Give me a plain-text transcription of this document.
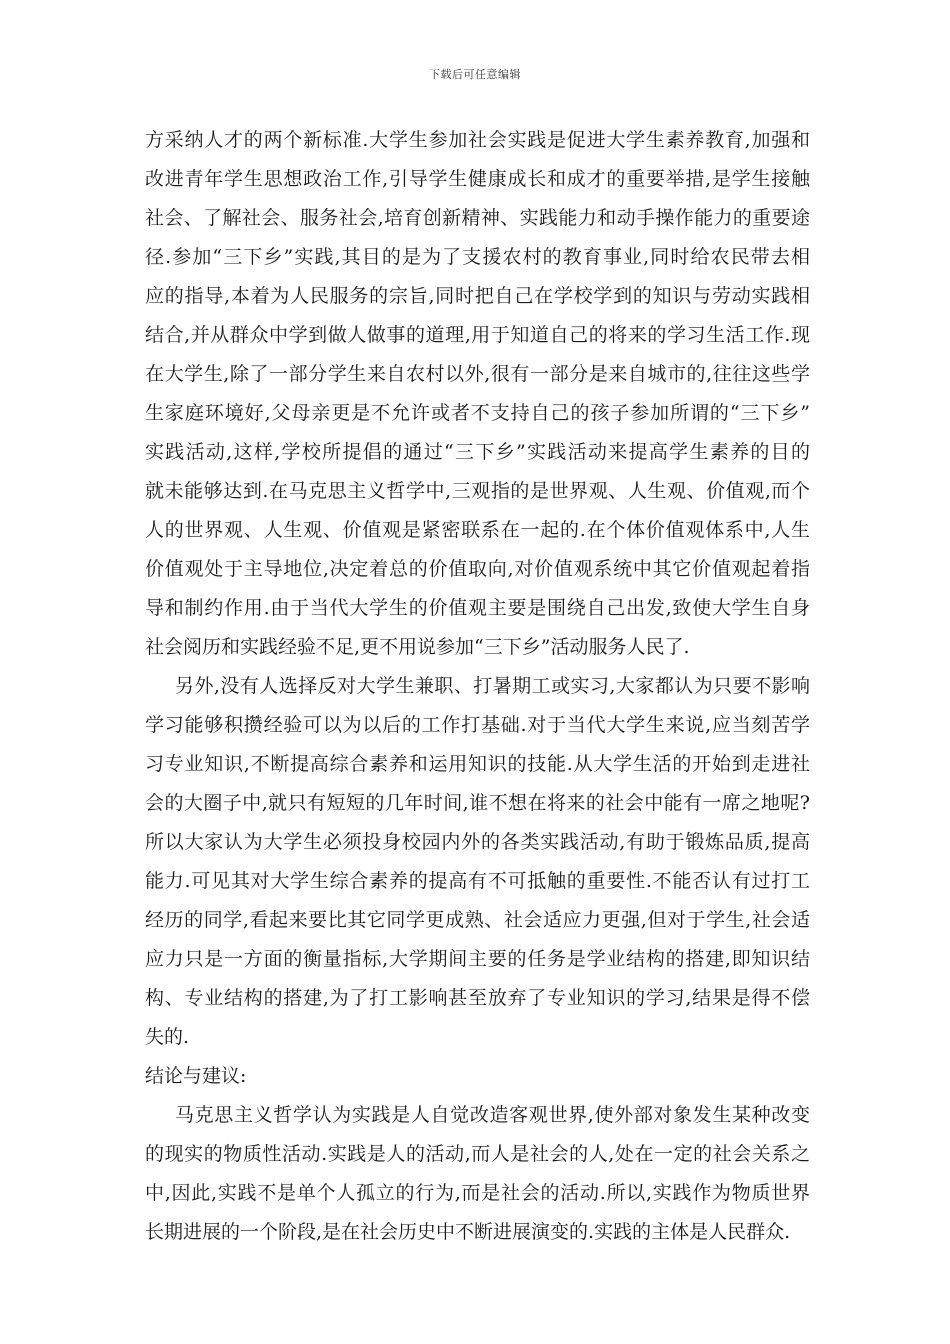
下载后可任意编辑
方采纳人才的两个新标准.大学生参加社会实践是促进大学生素养教育,加强和
改进青年学生思想政治工作,引导学生健康成长和成才的重要举措,是学生接触
社会、了解社会、服务社会,培育创新精神、实践能力和动手操作能力的重要途
径.参加“三下乡”实践,其目的是为了支援农村的教育事业,同时给农民带去相
应的指导,本着为人民服务的宗旨,同时把自己在学校学到的知识与劳动实践相
结合,并从群众中学到做人做事的道理,用于知道自己的将来的学习生活工作.现
在大学生,除了一部分学生来自农村以外,很有一部分是来自城市的,往往这些学
生家庭环境好,父母亲更是不允许或者不支持自己的孩子参加所谓的“三下乡”
实践活动,这样,学校所提倡的通过“三下乡”实践活动来提高学生素养的目的
就未能够达到.在马克思主义哲学中,三观指的是世界观、人生观、价值观,而个
人的世界观、人生观、价值观是紧密联系在一起的.在个体价值观体系中,人生
价值观处于主导地位,决定着总的价值取向,对价值观系统中其它价值观起着指
导和制约作用.由于当代大学生的价值观主要是围绕自己出发,致使大学生自身
社会阅历和实践经验不足,更不用说参加“三下乡”活动服务人民了.
另外,没有人选择反对大学生兼职、打暑期工或实习,大家都认为只要不影响
学习能够积攒经验可以为以后的工作打基础.对于当代大学生来说,应当刻苦学
习专业知识,不断提高综合素养和运用知识的技能.从大学生活的开始到走进社
会的大圈子中,就只有短短的几年时间,谁不想在将来的社会中能有一席之地呢?
所以大家认为大学生必须投身校园内外的各类实践活动,有助于锻炼品质,提高
能力.可见其对大学生综合素养的提高有不可抵触的重要性.不能否认有过打工
经历的同学,看起来要比其它同学更成熟、社会适应力更强,但对于学生,社会适
应力只是一方面的衡量指标,大学期间主要的任务是学业结构的搭建,即知识结
构、专业结构的搭建,为了打工影响甚至放弃了专业知识的学习,结果是得不偿
失的.
结论与建议:
马克思主义哲学认为实践是人自觉改造客观世界,使外部对象发生某种改变
的现实的物质性活动.实践是人的活动,而人是社会的人,处在一定的社会关系之
中,因此,实践不是单个人孤立的行为,而是社会的活动.所以,实践作为物质世界
长期进展的一个阶段,是在社会历史中不断进展演变的.实践的主体是人民群众.
